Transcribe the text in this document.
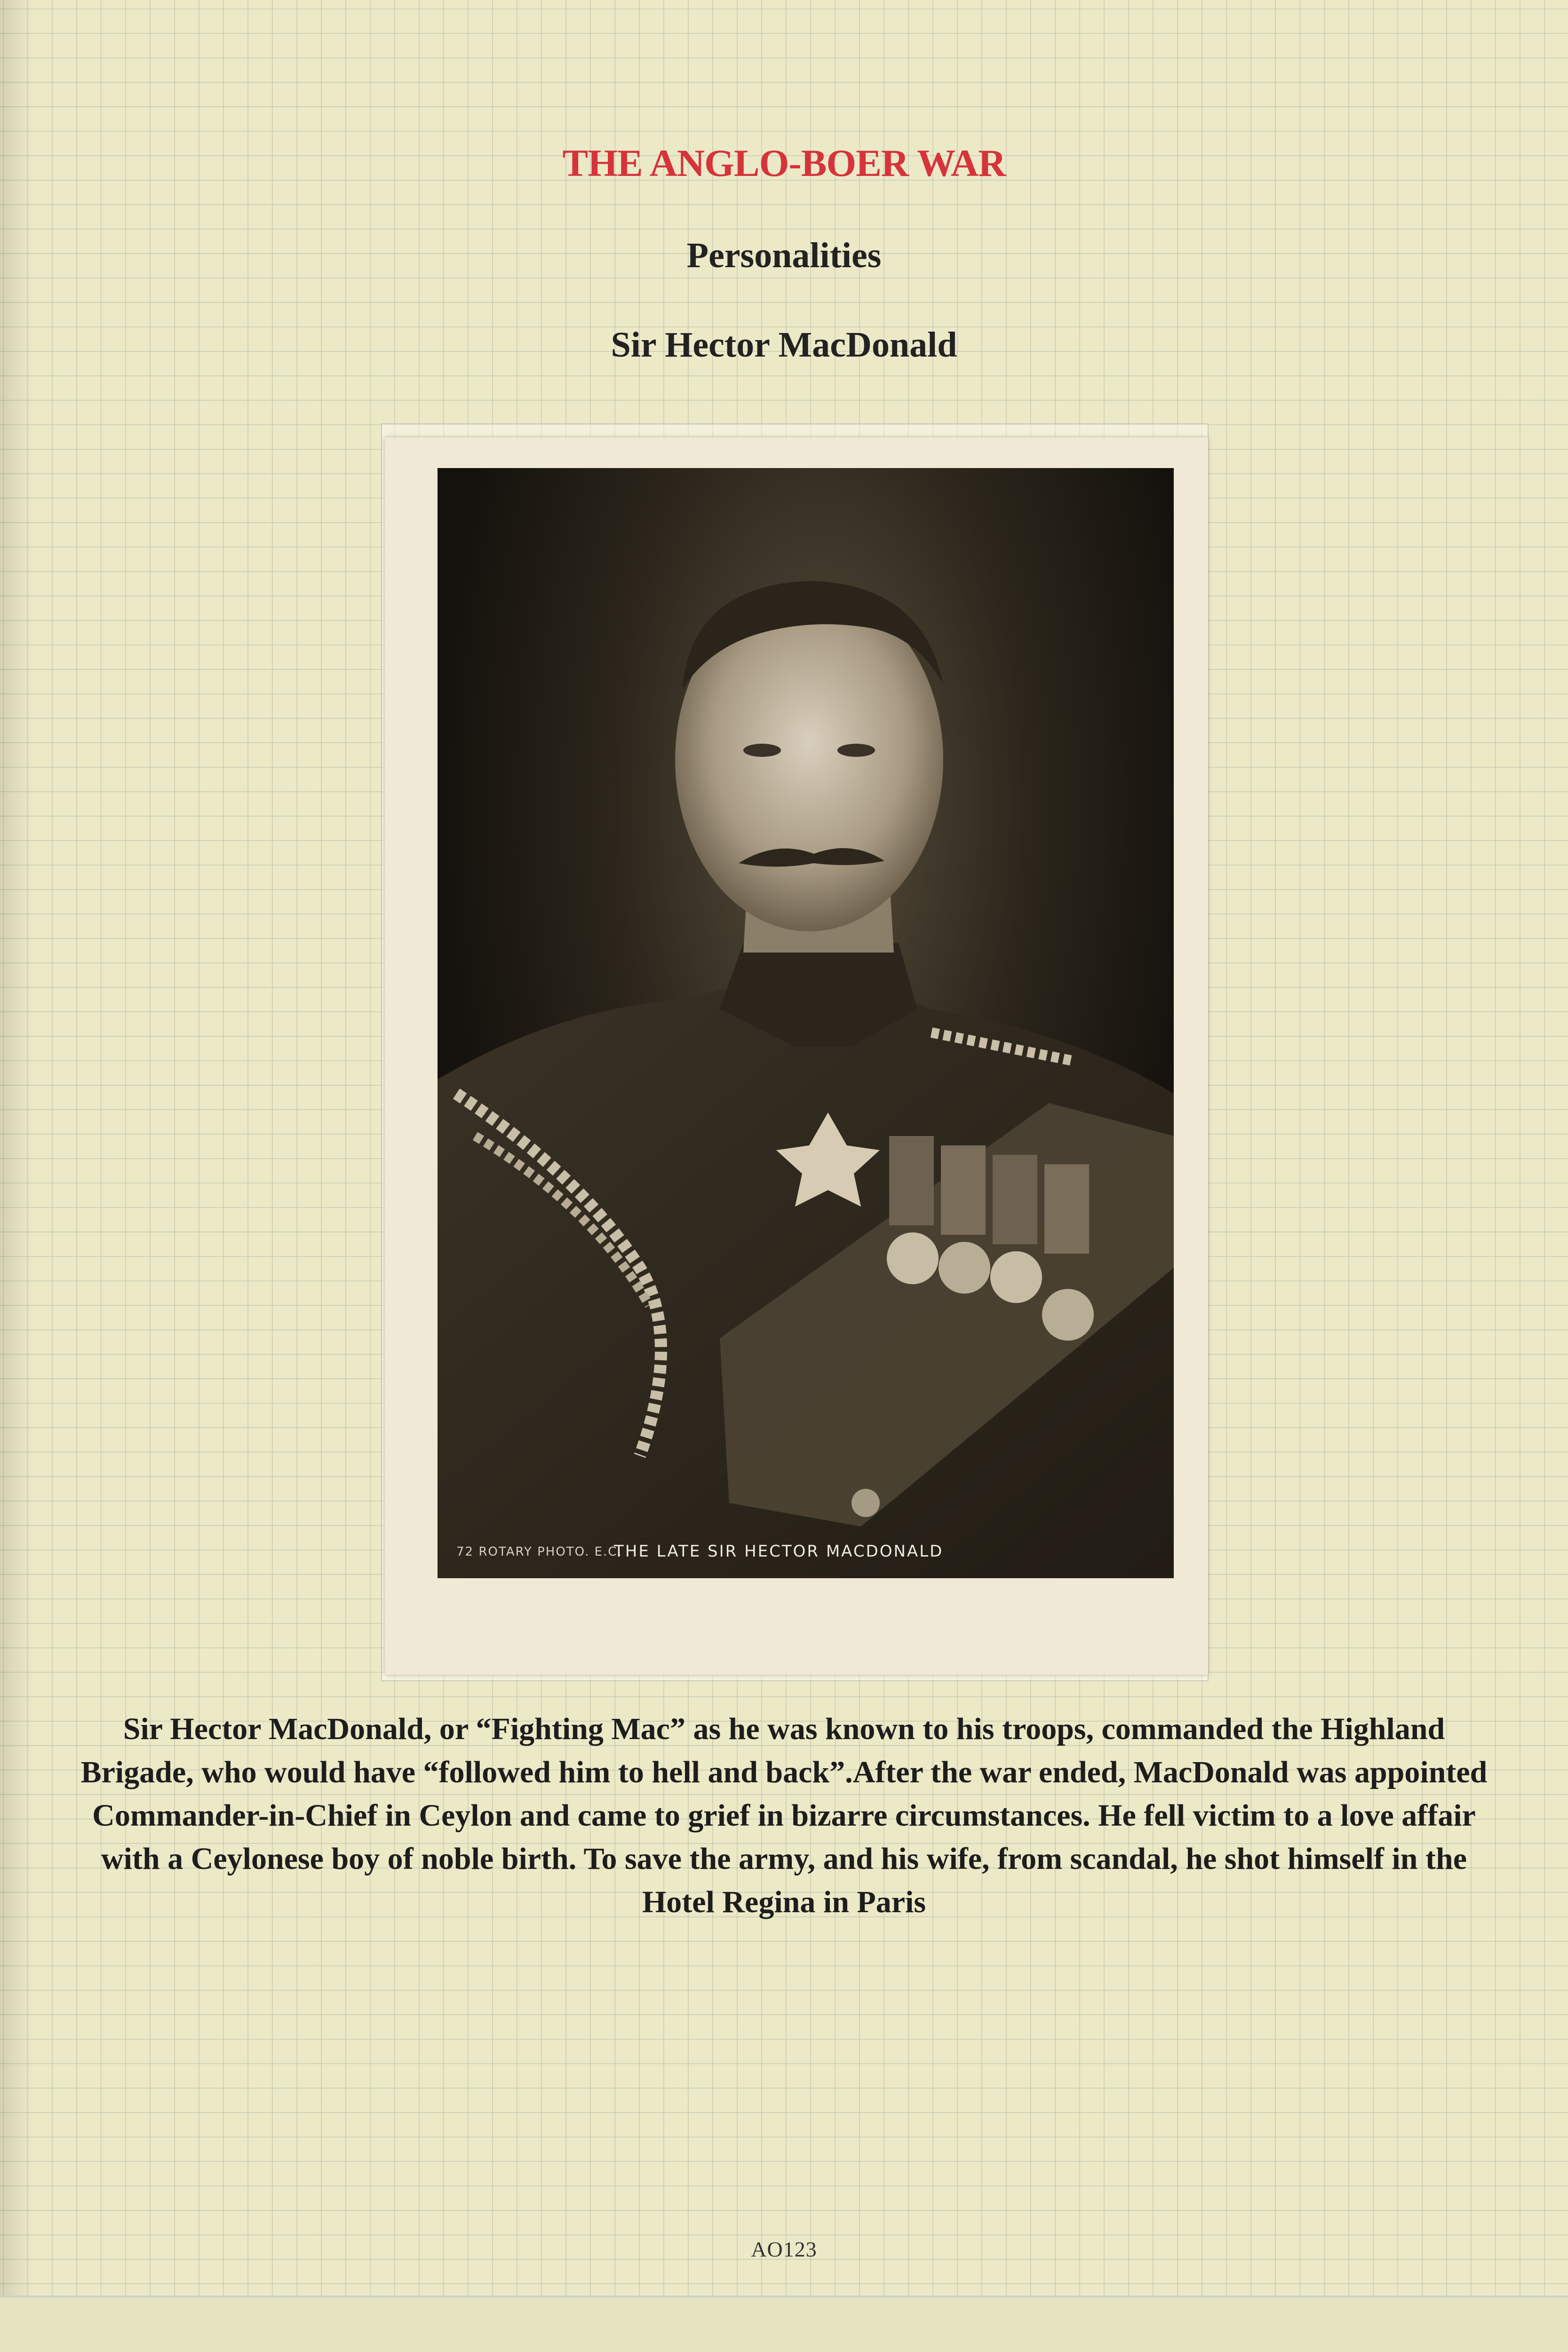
THE ANGLO-BOER WAR
Personalities
Sir Hector MacDonald
72 ROTARY PHOTO. E.C.
THE LATE SIR HECTOR MACDONALD

Sir Hector MacDonald, or “Fighting Mac” as he was known to his troops, commanded the Highland Brigade, who would have “followed him to hell and back”.After the war ended, MacDonald was appointed Commander-in-Chief in Ceylon and came to grief in bizarre circumstances. He fell victim to a love affair with a Ceylonese boy of noble birth. To save the army, and his wife, from scandal, he shot himself in the Hotel Regina in Paris

AO123
